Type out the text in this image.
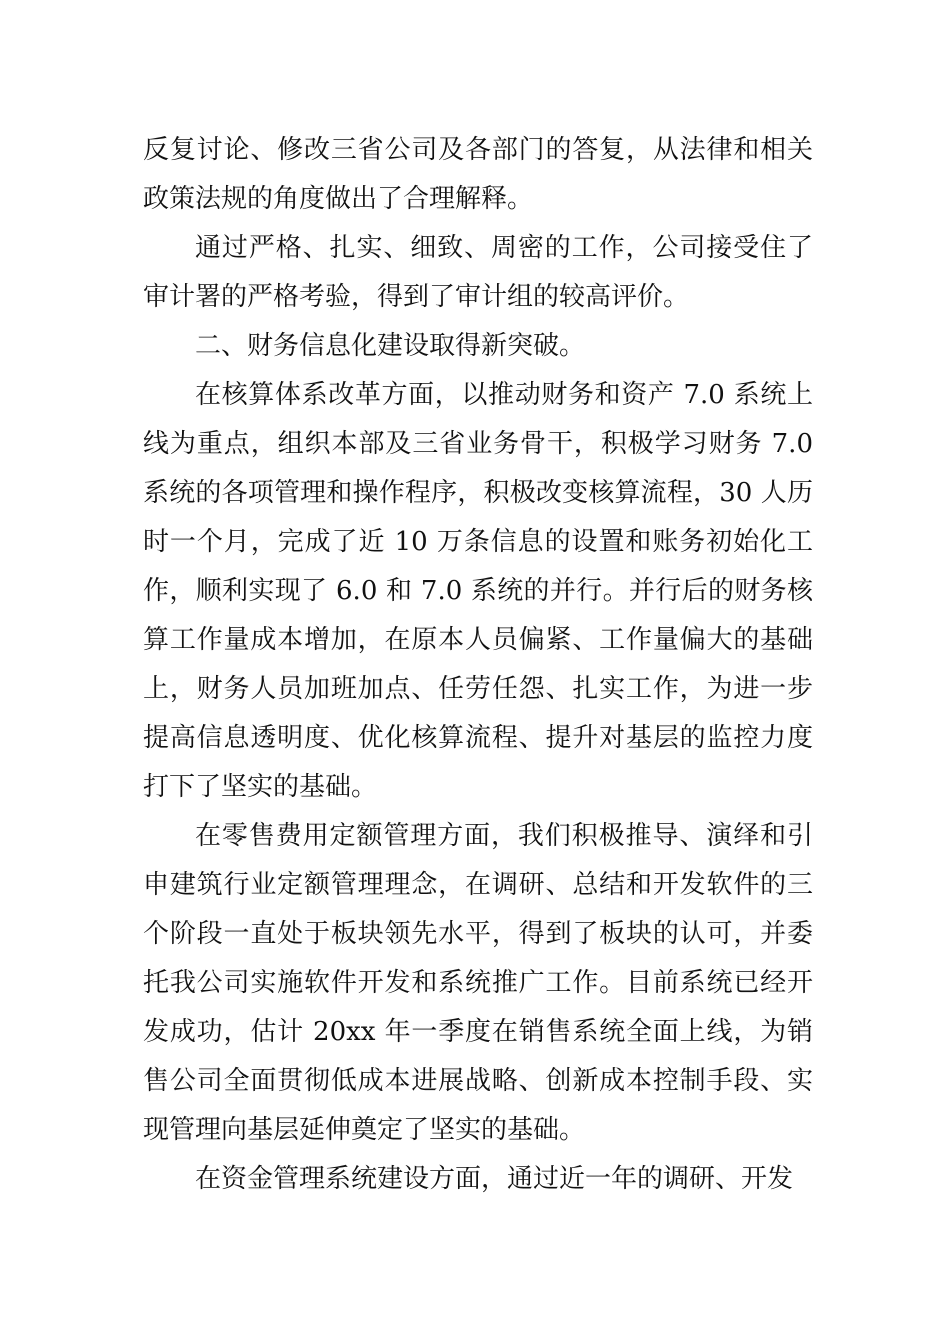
反复讨论、修改三省公司及各部门的答复，从法律和相关政策法规的角度做出了合理解释。

通过严格、扎实、细致、周密的工作，公司接受住了审计署的严格考验，得到了审计组的较高评价。

二、财务信息化建设取得新突破。

在核算体系改革方面，以推动财务和资产 7.0 系统上线为重点，组织本部及三省业务骨干，积极学习财务 7.0 系统的各项管理和操作程序，积极改变核算流程，30 人历时一个月，完成了近 10 万条信息的设置和账务初始化工作，顺利实现了 6.0 和 7.0 系统的并行。并行后的财务核算工作量成本增加，在原本人员偏紧、工作量偏大的基础上，财务人员加班加点、任劳任怨、扎实工作，为进一步提高信息透明度、优化核算流程、提升对基层的监控力度打下了坚实的基础。

在零售费用定额管理方面，我们积极推导、演绎和引申建筑行业定额管理理念，在调研、总结和开发软件的三个阶段一直处于板块领先水平，得到了板块的认可，并委托我公司实施软件开发和系统推广工作。目前系统已经开发成功，估计 20xx 年一季度在销售系统全面上线，为销售公司全面贯彻低成本进展战略、创新成本控制手段、实现管理向基层延伸奠定了坚实的基础。

在资金管理系统建设方面，通过近一年的调研、开发
